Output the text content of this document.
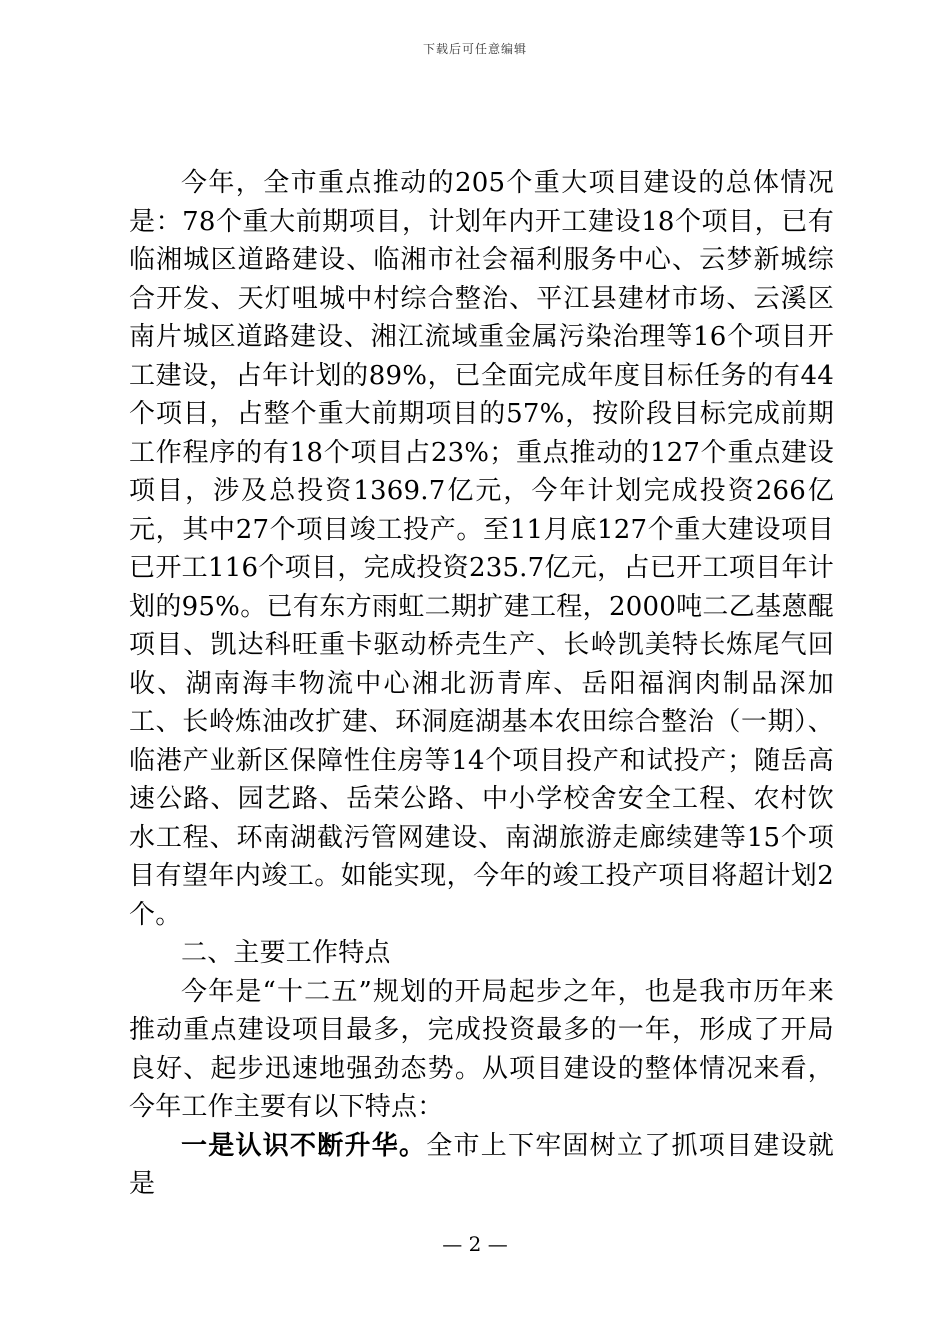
下载后可任意编辑

今年，全市重点推动的205个重大项目建设的总体情况是：78个重大前期项目，计划年内开工建设18个项目，已有临湘城区道路建设、临湘市社会福利服务中心、云梦新城综合开发、天灯咀城中村综合整治、平江县建材市场、云溪区南片城区道路建设、湘江流域重金属污染治理等16个项目开工建设，占年计划的89%，已全面完成年度目标任务的有44个项目，占整个重大前期项目的57%，按阶段目标完成前期工作程序的有18个项目占23%；重点推动的127个重点建设项目，涉及总投资1369.7亿元，今年计划完成投资266亿元，其中27个项目竣工投产。至11月底127个重大建设项目已开工116个项目，完成投资235.7亿元，占已开工项目年计划的95%。已有东方雨虹二期扩建工程，2000吨二乙基蒽醌项目、凯达科旺重卡驱动桥壳生产、长岭凯美特长炼尾气回收、湖南海丰物流中心湘北沥青库、岳阳福润肉制品深加工、长岭炼油改扩建、环洞庭湖基本农田综合整治（一期）、临港产业新区保障性住房等14个项目投产和试投产；随岳高速公路、园艺路、岳荣公路、中小学校舍安全工程、农村饮水工程、环南湖截污管网建设、南湖旅游走廊续建等15个项目有望年内竣工。如能实现，今年的竣工投产项目将超计划2个。

二、主要工作特点

今年是“十二五”规划的开局起步之年，也是我市历年来推动重点建设项目最多，完成投资最多的一年，形成了开局良好、起步迅速地强劲态势。从项目建设的整体情况来看，今年工作主要有以下特点：

一是认识不断升华。全市上下牢固树立了抓项目建设就是

— 2 —
